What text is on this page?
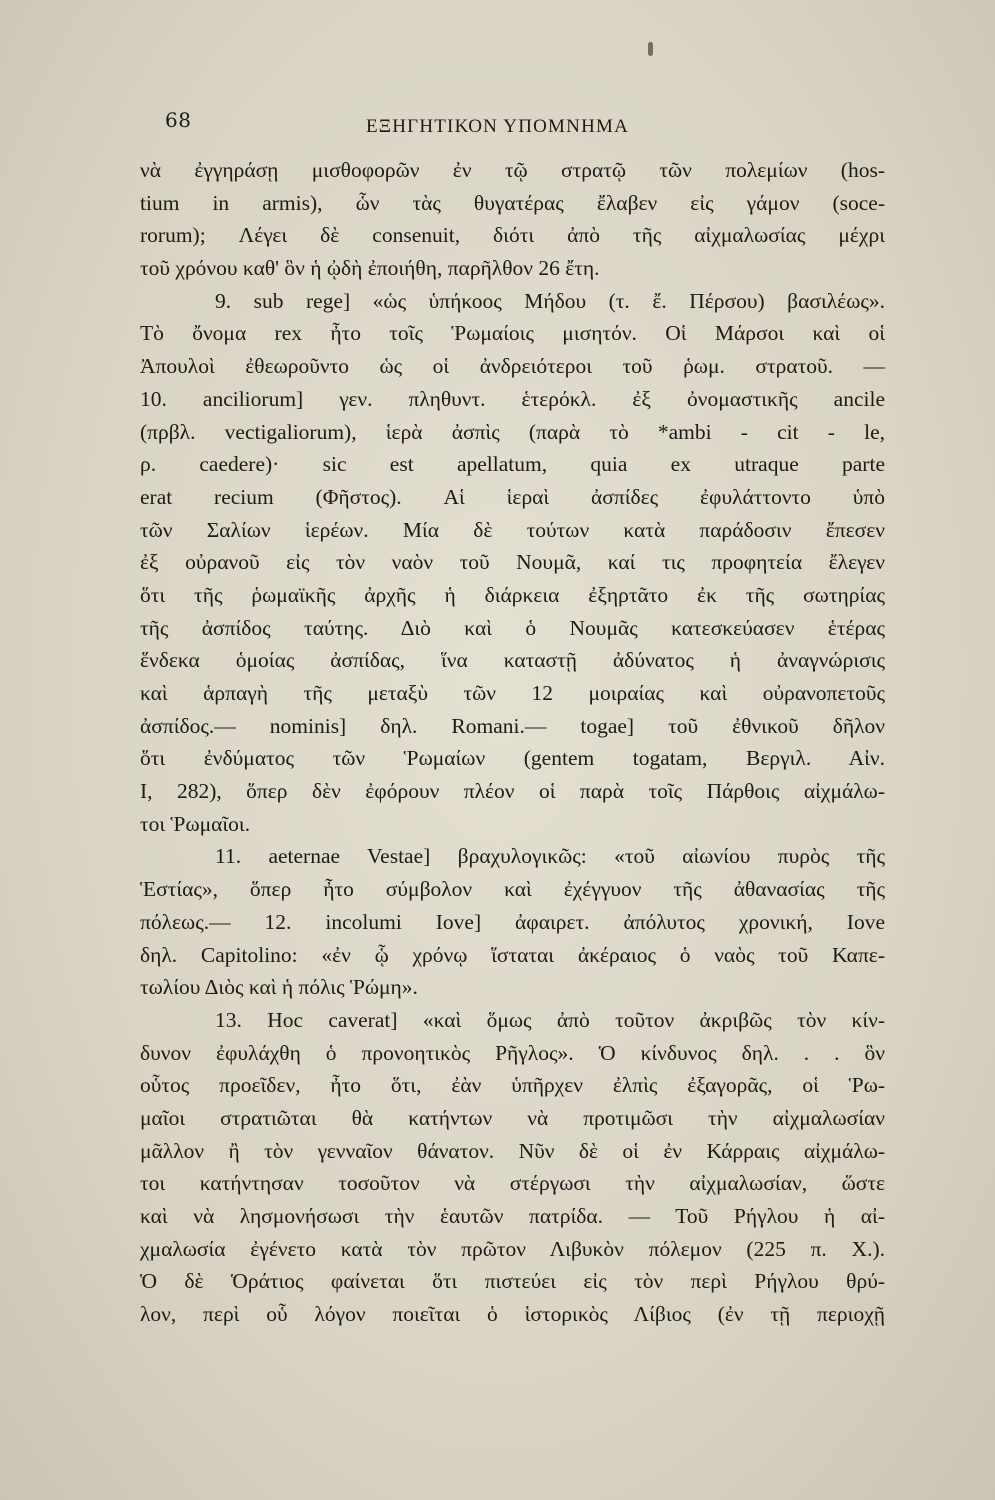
68	ΕΞΗΓΗΤΙΚΟΝ ΥΠΟΜΝΗΜΑ
νὰ ἐγγηράσῃ μισθοφορῶν ἐν τῷ στρατῷ τῶν πολεμίων (hos-
tium in armis), ὧν τὰς θυγατέρας ἔλαβεν εἰς γάμον (soce-
rorum); Λέγει δὲ consenuit, διότι ἀπὸ τῆς αἰχμαλωσίας μέχρι
τοῦ χρόνου καθ' ὃν ἡ ᾠδὴ ἐποιήθη, παρῆλθον 26 ἔτη.
9. sub rege] «ὡς ὑπήκοος Μήδου (τ. ἔ. Πέρσου) βασιλέως».
Τὸ ὄνομα rex ἦτο τοῖς Ῥωμαίοις μισητόν. Οἱ Μάρσοι καὶ οἱ
Ἀπουλοὶ ἐθεωροῦντο ὡς οἱ ἀνδρειότεροι τοῦ ῥωμ. στρατοῦ. —
10. anciliorum] γεν. πληθυντ. ἑτερόκλ. ἐξ ὀνομαστικῆς ancile
(πρβλ. vectigaliorum), ἱερὰ ἀσπὶς (παρὰ τὸ *ambi - cit - le,
ρ. caedere)· sic est apellatum, quia ex utraque parte
erat recium (Φῆστος). Αἱ ἱεραὶ ἀσπίδες ἐφυλάττοντο ὑπὸ
τῶν Σαλίων ἱερέων. Μία δὲ τούτων κατὰ παράδοσιν ἔπεσεν
ἐξ οὐρανοῦ εἰς τὸν ναὸν τοῦ Νουμᾶ, καί τις προφητεία ἔλεγεν
ὅτι τῆς ῥωμαϊκῆς ἀρχῆς ἡ διάρκεια ἐξηρτᾶτο ἐκ τῆς σωτηρίας
τῆς ἀσπίδος ταύτης. Διὸ καὶ ὁ Νουμᾶς κατεσκεύασεν ἑτέρας
ἕνδεκα ὁμοίας ἀσπίδας, ἵνα καταστῇ ἀδύνατος ἡ ἀναγνώρισις
καὶ ἁρπαγὴ τῆς μεταξὺ τῶν 12 μοιραίας καὶ οὐρανοπετοῦς
ἀσπίδος.— nominis] δηλ. Romani.— togae] τοῦ ἐθνικοῦ δῆλον
ὅτι ἐνδύματος τῶν Ῥωμαίων (gentem togatam, Βεργιλ. Αἰν.
I, 282), ὅπερ δὲν ἐφόρουν πλέον οἱ παρὰ τοῖς Πάρθοις αἰχμάλω-
τοι Ῥωμαῖοι.
11. aeternae Vestae] βραχυλογικῶς: «τοῦ αἰωνίου πυρὸς τῆς
Ἑστίας», ὅπερ ἦτο σύμβολον καὶ ἐχέγγυον τῆς ἀθανασίας τῆς
πόλεως.— 12. incolumi Iove] ἀφαιρετ. ἀπόλυτος χρονική, Iove
δηλ. Capitolino: «ἐν ᾧ χρόνῳ ἵσταται ἀκέραιος ὁ ναὸς τοῦ Καπε-
τωλίου Διὸς καὶ ἡ πόλις Ῥώμη».
13. Hoc caverat] «καὶ ὅμως ἀπὸ τοῦτον ἀκριβῶς τὸν κίν-
δυνον ἐφυλάχθη ὁ προνοητικὸς Ρῆγλος». Ὁ κίνδυνος δηλ. . . ὃν
οὗτος προεῖδεν, ἦτο ὅτι, ἐὰν ὑπῆρχεν ἐλπὶς ἐξαγορᾶς, οἱ Ῥω-
μαῖοι στρατιῶται θὰ κατήντων νὰ προτιμῶσι τὴν αἰχμαλωσίαν
μᾶλλον ἢ τὸν γενναῖον θάνατον. Νῦν δὲ οἱ ἐν Κάρραις αἰχμάλω-
τοι κατήντησαν τοσοῦτον νὰ στέργωσι τὴν αἰχμαλωσίαν, ὥστε
καὶ νὰ λησμονήσωσι τὴν ἑαυτῶν πατρίδα. — Τοῦ Ρήγλου ἡ αἰ-
χμαλωσία ἐγένετο κατὰ τὸν πρῶτον Λιβυκὸν πόλεμον (225 π. Χ.).
Ὁ δὲ Ὁράτιος φαίνεται ὅτι πιστεύει εἰς τὸν περὶ Ρήγλου θρύ-
λον, περὶ οὗ λόγον ποιεῖται ὁ ἱστορικὸς Λίβιος (ἐν τῇ περιοχῇ
